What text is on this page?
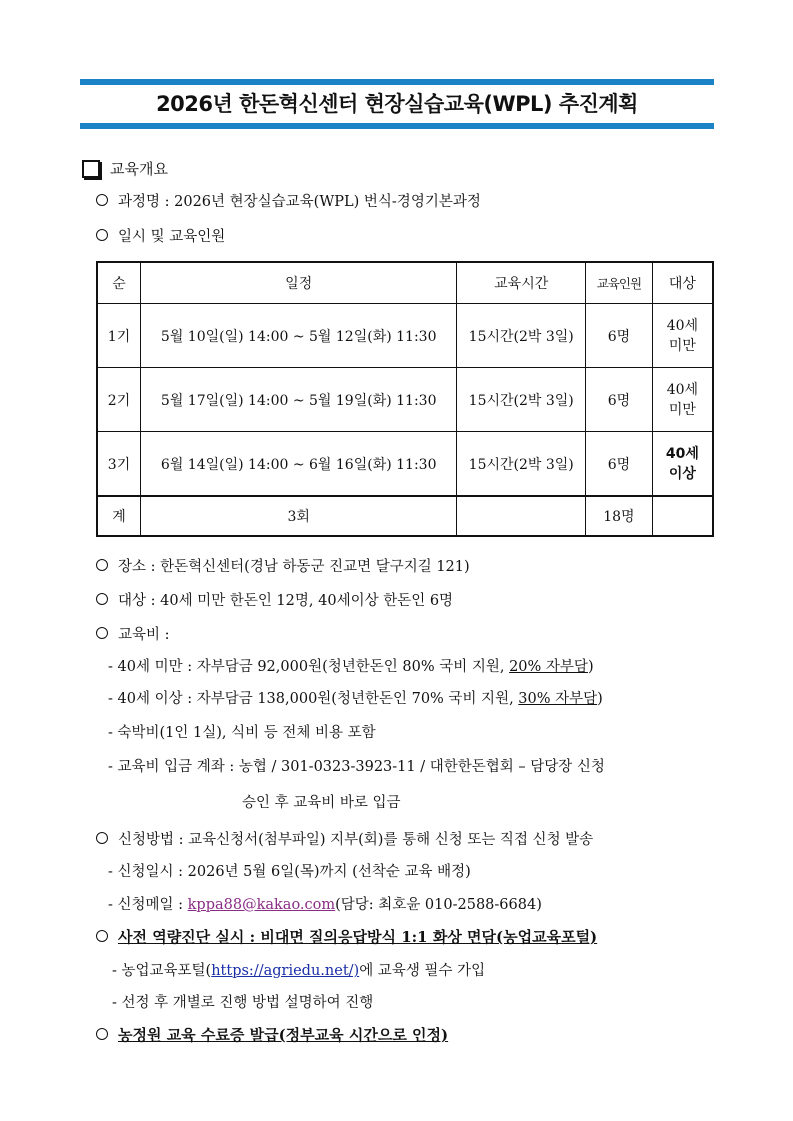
2026년 한돈혁신센터 현장실습교육(WPL) 추진계획
교육개요
과정명 : 2026년 현장실습교육(WPL) 번식-경영기본과정
일시 및 교육인원
순	일정	교육시간	교육인원	대상
1기	5월 10일(일) 14:00 ~ 5월 12일(화) 11:30	15시간(2박 3일)	6명	40세
미만
2기	5월 17일(일) 14:00 ~ 5월 19일(화) 11:30	15시간(2박 3일)	6명	40세
미만
3기	6월 14일(일) 14:00 ~ 6월 16일(화) 11:30	15시간(2박 3일)	6명	40세
이상
계	3회		18명	
장소 : 한돈혁신센터(경남 하동군 진교면 달구지길 121)
대상 : 40세 미만 한돈인 12명, 40세이상 한돈인 6명
교육비 :
- 40세 미만 : 자부담금 92,000원(청년한돈인 80% 국비 지원, 20% 자부담)
- 40세 이상 : 자부담금 138,000원(청년한돈인 70% 국비 지원, 30% 자부담)
- 숙박비(1인 1실), 식비 등 전체 비용 포함
- 교육비 입금 계좌 : 농협 / 301-0323-3923-11 / 대한한돈협회 – 담당장 신청
승인 후 교육비 바로 입금
신청방법 : 교육신청서(첨부파일) 지부(회)를 통해 신청 또는 직접 신청 발송
- 신청일시 : 2026년 5월 6일(목)까지 (선착순 교육 배정)
- 신청메일 : kppa88@kakao.com(담당: 최호윤 010-2588-6684)
사전 역량진단 실시 : 비대면 질의응답방식 1:1 화상 면담(농업교육포털)
- 농업교육포털(https://agriedu.net/)에 교육생 필수 가입
- 선정 후 개별로 진행 방법 설명하여 진행
농정원 교육 수료증 발급(정부교육 시간으로 인정)
